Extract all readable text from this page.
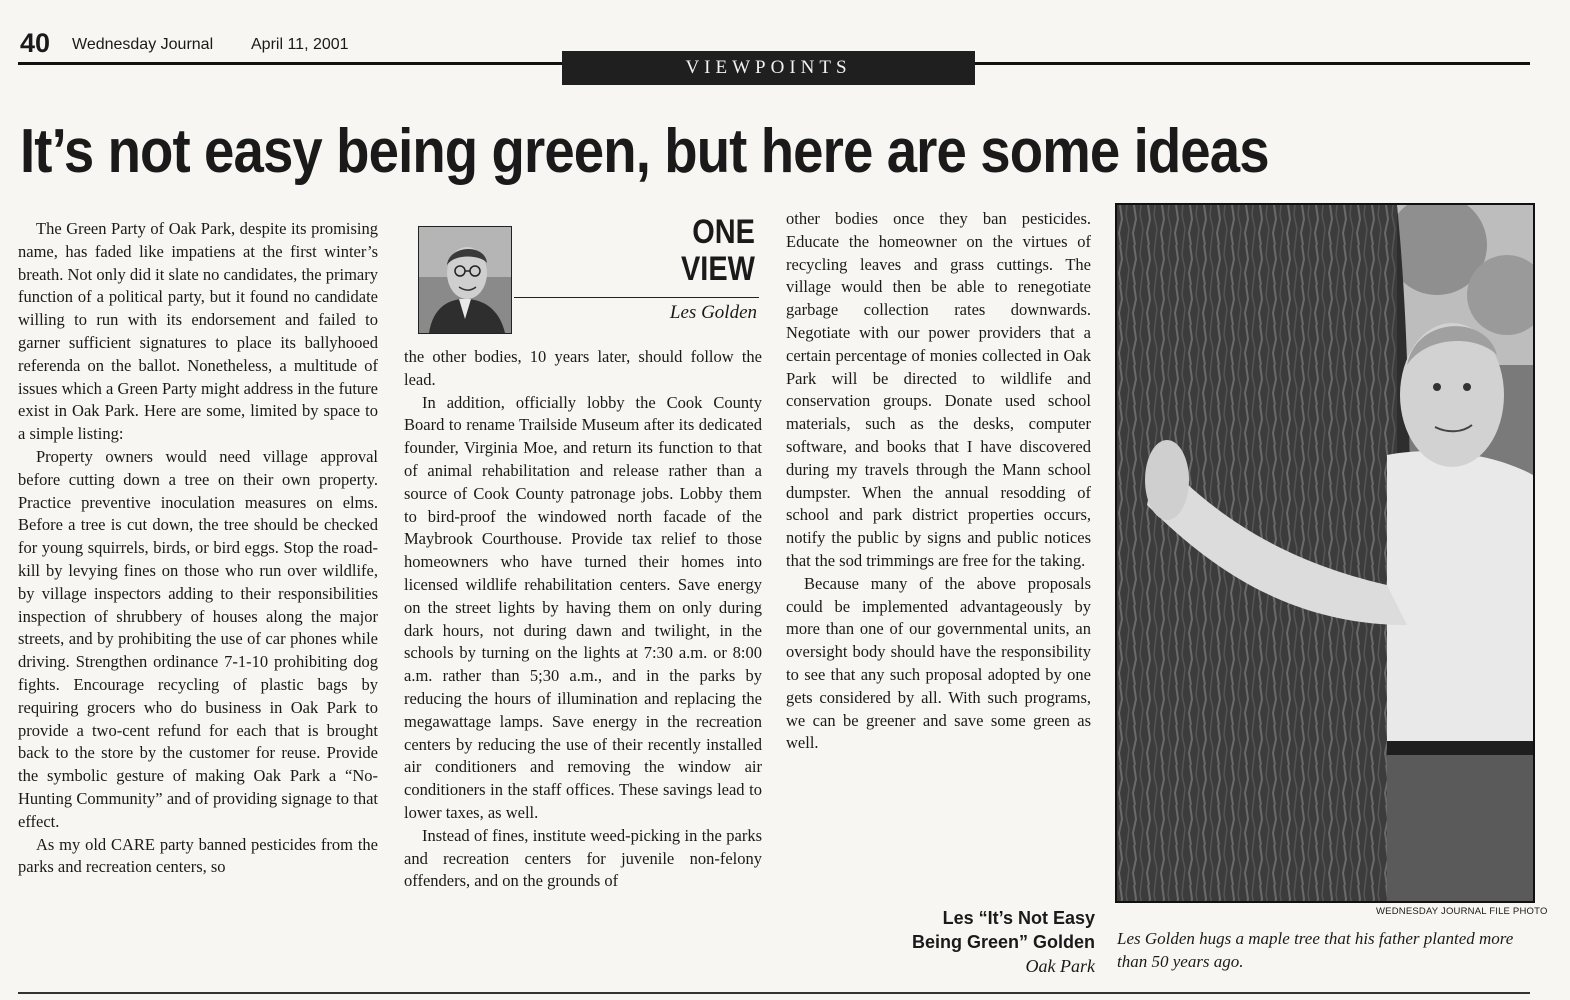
40 Wednesday Journal April 11, 2001
VIEWPOINTS
It’s not easy being green, but here are some ideas

The Green Party of Oak Park, despite its promising name, has faded like impatiens at the first winter’s breath. Not only did it slate no candidates, the primary function of a political party, but it found no candidate willing to run with its endorsement and failed to garner sufficient signatures to place its ballyhooed referenda on the ballot. Nonetheless, a multitude of issues which a Green Party might address in the future exist in Oak Park. Here are some, limited by space to a simple listing:

Property owners would need village approval before cutting down a tree on their own property. Practice preventive inoculation measures on elms. Before a tree is cut down, the tree should be checked for young squirrels, birds, or bird eggs. Stop the road-kill by levying fines on those who run over wildlife, by village inspectors adding to their responsibilities inspection of shrubbery of houses along the major streets, and by prohibiting the use of car phones while driving. Strengthen ordinance 7-1-10 prohibiting dog fights. Encourage recycling of plastic bags by requiring grocers who do business in Oak Park to provide a two-cent refund for each that is brought back to the store by the customer for reuse. Provide the symbolic gesture of making Oak Park a “No-Hunting Community” and of providing signage to that effect.

As my old CARE party banned pesticides from the parks and recreation centers, so

ONE
VIEW
Les Golden

the other bodies, 10 years later, should follow the lead.

In addition, officially lobby the Cook County Board to rename Trailside Museum after its dedicated founder, Virginia Moe, and return its function to that of animal rehabilitation and release rather than a source of Cook County patronage jobs. Lobby them to bird-proof the windowed north facade of the Maybrook Courthouse. Provide tax relief to those homeowners who have turned their homes into licensed wildlife rehabilitation centers. Save energy on the street lights by having them on only during dark hours, not during dawn and twilight, in the schools by turning on the lights at 7:30 a.m. or 8:00 a.m. rather than 5;30 a.m., and in the parks by reducing the hours of illumination and replacing the megawattage lamps. Save energy in the recreation centers by reducing the use of their recently installed air conditioners and removing the window air conditioners in the staff offices. These savings lead to lower taxes, as well.

Instead of fines, institute weed-picking in the parks and recreation centers for juvenile non-felony offenders, and on the grounds of

other bodies once they ban pesticides. Educate the homeowner on the virtues of recycling leaves and grass cuttings. The village would then be able to renegotiate garbage collection rates downwards. Negotiate with our power providers that a certain percentage of monies collected in Oak Park will be directed to wildlife and conservation groups. Donate used school materials, such as the desks, computer software, and books that I have discovered during my travels through the Mann school dumpster. When the annual resodding of school and park district properties occurs, notify the public by signs and public notices that the sod trimmings are free for the taking.

Because many of the above proposals could be implemented advantageously by more than one of our governmental units, an oversight body should have the responsibility to see that any such proposal adopted by one gets considered by all. With such programs, we can be greener and save some green as well.

Les “It’s Not Easy
Being Green” Golden
Oak Park
WEDNESDAY JOURNAL FILE PHOTO
Les Golden hugs a maple tree that his father planted more than 50 years ago.
